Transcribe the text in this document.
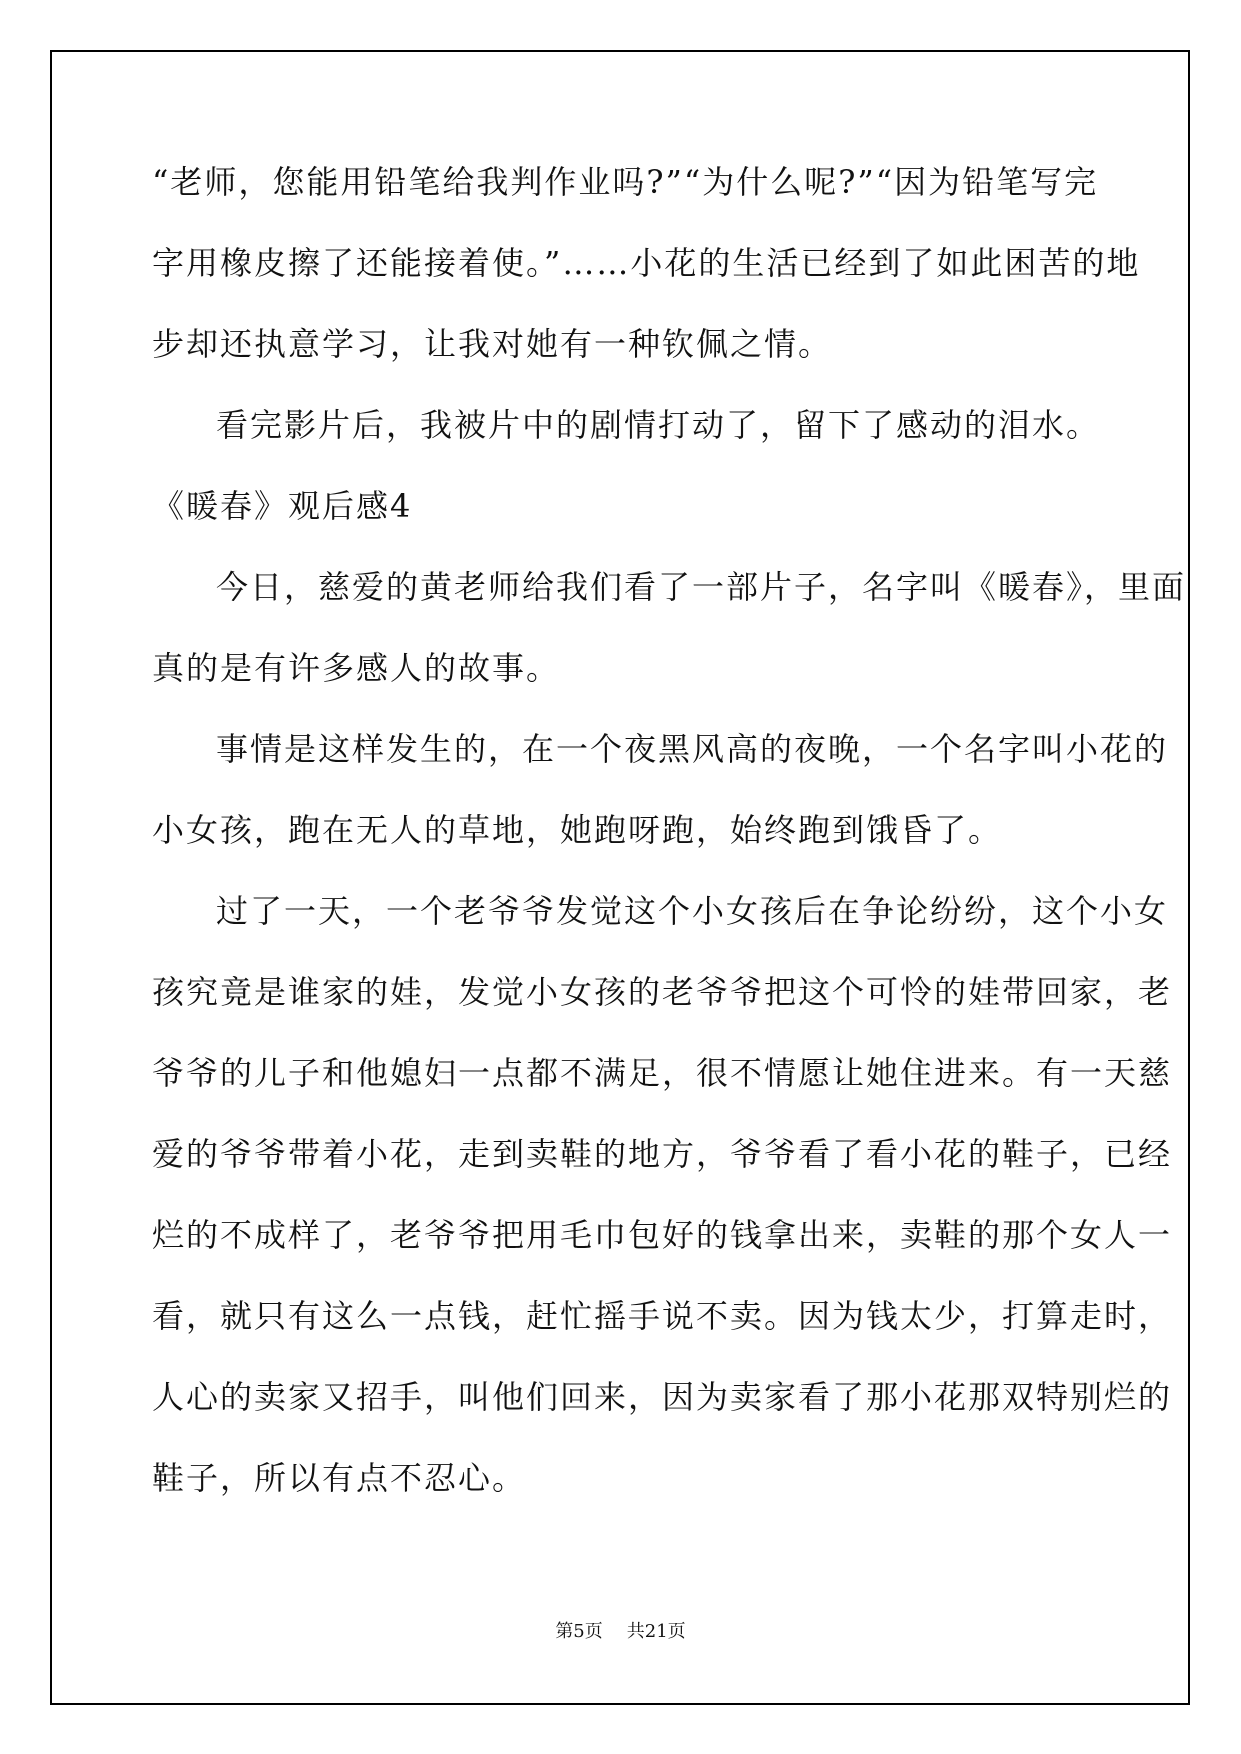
“老师，您能用铅笔给我判作业吗?”“为什么呢?”“因为铅笔写完
字用橡皮擦了还能接着使。”……小花的生活已经到了如此困苦的地
步却还执意学习，让我对她有一种钦佩之情。
看完影片后，我被片中的剧情打动了，留下了感动的泪水。
《暖春》观后感4
今日，慈爱的黄老师给我们看了一部片子，名字叫《暖春》，里面
真的是有许多感人的故事。
事情是这样发生的，在一个夜黑风高的夜晚，一个名字叫小花的
小女孩，跑在无人的草地，她跑呀跑，始终跑到饿昏了。
过了一天，一个老爷爷发觉这个小女孩后在争论纷纷，这个小女
孩究竟是谁家的娃，发觉小女孩的老爷爷把这个可怜的娃带回家，老
爷爷的儿子和他媳妇一点都不满足，很不情愿让她住进来。有一天慈
爱的爷爷带着小花，走到卖鞋的地方，爷爷看了看小花的鞋子，已经
烂的不成样了，老爷爷把用毛巾包好的钱拿出来，卖鞋的那个女人一
看，就只有这么一点钱，赶忙摇手说不卖。因为钱太少，打算走时，
人心的卖家又招手，叫他们回来，因为卖家看了那小花那双特别烂的
鞋子，所以有点不忍心。
第5页 共21页
